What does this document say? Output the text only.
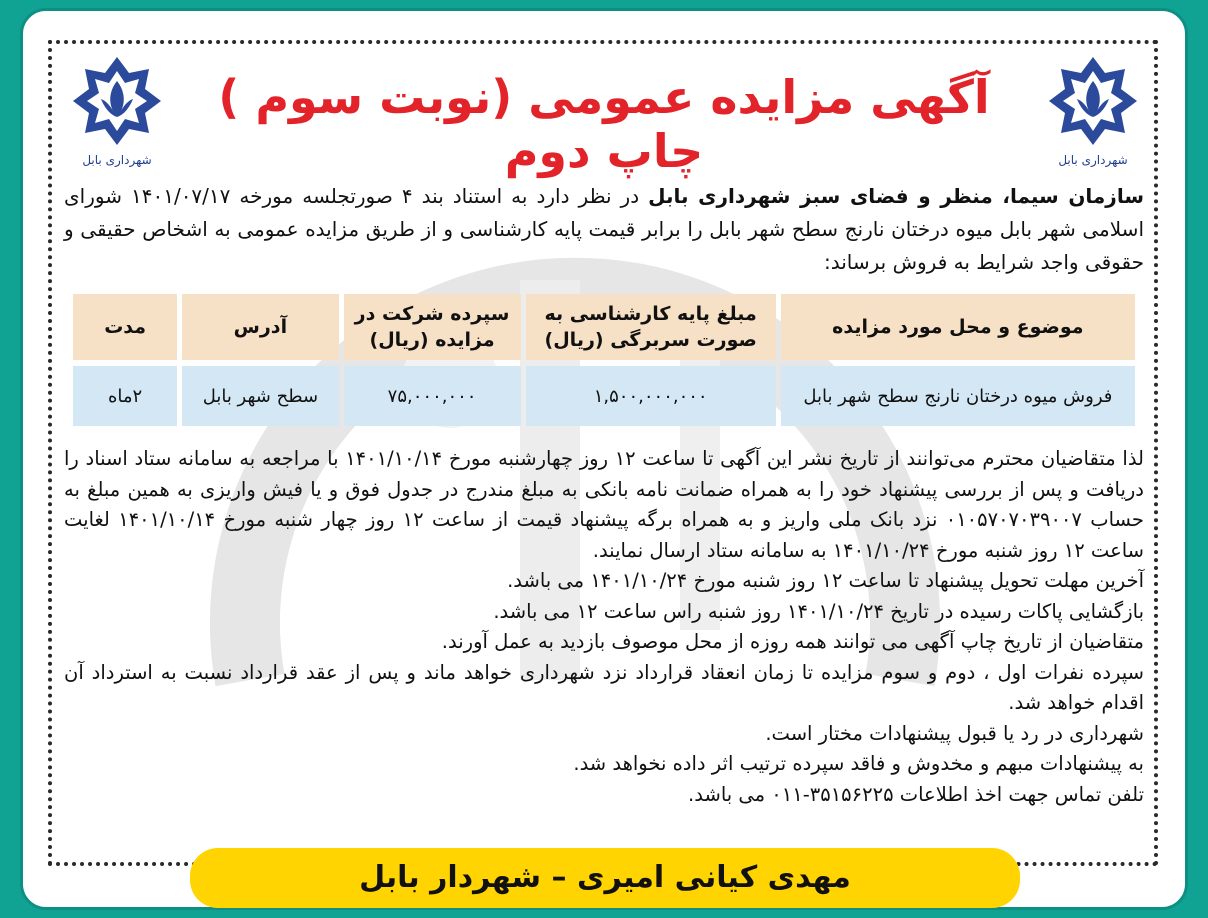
شهرداری بابل
شهرداری بابل
آگهی مزایده عمومی (نوبت سوم ) چاپ دوم
سازمان سیما، منظر و فضای سبز شهرداری بابل در نظر دارد به استناد بند ۴ صورتجلسه مورخه ۱۴۰۱/۰۷/۱۷ شورای اسلامی شهر بابل میوه درختان نارنج سطح شهر بابل را برابر قیمت پایه کارشناسی و از طریق مزایده عمومی به اشخاص حقیقی و حقوقی واجد شرایط به فروش برساند:
موضوع و محل مورد مزایده	مبلغ پایه کارشناسی به صورت سربرگی (ریال)	سپرده شرکت در مزایده (ریال)	آدرس	مدت
فروش میوه درختان نارنج سطح شهر بابل	۱,۵۰۰,۰۰۰,۰۰۰	۷۵,۰۰۰,۰۰۰	سطح شهر بابل	۲ماه

لذا متقاضیان محترم می‌توانند از تاریخ نشر این آگهی تا ساعت ۱۲ روز چهارشنبه مورخ ۱۴۰۱/۱۰/۱۴ با مراجعه به سامانه ستاد اسناد را دریافت و پس از بررسی پیشنهاد خود را به همراه ضمانت نامه بانکی به مبلغ مندرج در جدول فوق و یا فیش واریزی به همین مبلغ به حساب ۰۱۰۵۷۰۷۰۳۹۰۰۷ نزد بانک ملی واریز و به همراه برگه پیشنهاد قیمت از ساعت ۱۲ روز چهار شنبه مورخ ۱۴۰۱/۱۰/۱۴ لغایت ساعت ۱۲ روز شنبه مورخ ۱۴۰۱/۱۰/۲۴ به سامانه ستاد ارسال نمایند.

آخرین مهلت تحویل پیشنهاد تا ساعت ۱۲ روز شنبه مورخ ۱۴۰۱/۱۰/۲۴ می باشد.

بازگشایی پاکات رسیده در تاریخ ۱۴۰۱/۱۰/۲۴ روز شنبه راس ساعت ۱۲ می باشد.

متقاضیان از تاریخ چاپ آگهی می توانند همه روزه از محل موصوف بازدید به عمل آورند.

سپرده نفرات اول ، دوم و سوم مزایده تا زمان انعقاد قرارداد نزد شهرداری خواهد ماند و پس از عقد قرارداد نسبت به استرداد آن اقدام خواهد شد.

شهرداری در رد یا قبول پیشنهادات مختار است.

به پیشنهادات مبهم و مخدوش و فاقد سپرده ترتیب اثر داده نخواهد شد.

تلفن تماس جهت اخذ اطلاعات ۳۵۱۵۶۲۲۵-۰۱۱ می باشد.

مهدی کیانی امیری – شهردار بابل
